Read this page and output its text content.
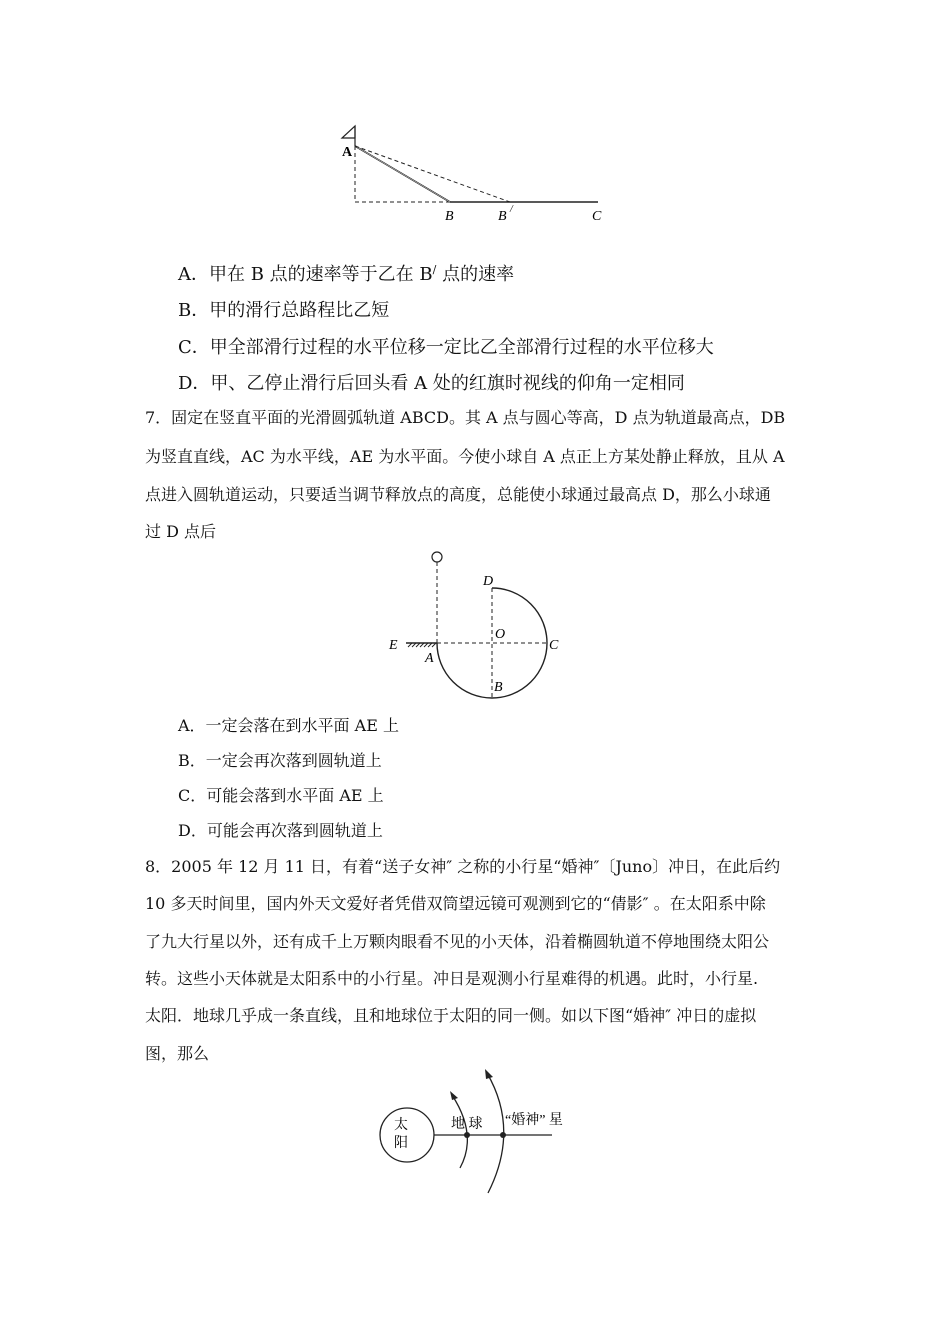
A
B	B /	C
A．甲在 B 点的速率等于乙在 B/ 点的速率
B．甲的滑行总路程比乙短
C．甲全部滑行过程的水平位移一定比乙全部滑行过程的水平位移大
D．甲、乙停止滑行后回头看 A 处的红旗时视线的仰角一定相同
7．固定在竖直平面的光滑圆弧轨道 ABCD。其 A 点与圆心等高，D 点为轨道最高点，DB
为竖直直线，AC 为水平线，AE 为水平面。今使小球自 A 点正上方某处静止释放，且从 A
点进入圆轨道运动，只要适当调节释放点的高度，总能使小球通过最高点 D，那么小球通
过 D 点后
D
O
E
A
C
B
A．一定会落在到水平面 AE 上
B．一定会再次落到圆轨道上
C．可能会落到水平面 AE 上
D．可能会再次落到圆轨道上
8．2005 年 12 月 11 日，有着“送子女神″ 之称的小行星“婚神″〔Juno〕冲日，在此后约
10 多天时间里，国内外天文爱好者凭借双筒望远镜可观测到它的“倩影″ 。在太阳系中除
了九大行星以外，还有成千上万颗肉眼看不见的小天体，沿着椭圆轨道不停地围绕太阳公
转。这些小天体就是太阳系中的小行星。冲日是观测小行星难得的机遇。此时，小行星.
太阳．地球几乎成一条直线，且和地球位于太阳的同一侧。如以下图“婚神″ 冲日的虚拟
图，那么
太
阳
地 球 “婚神” 星
